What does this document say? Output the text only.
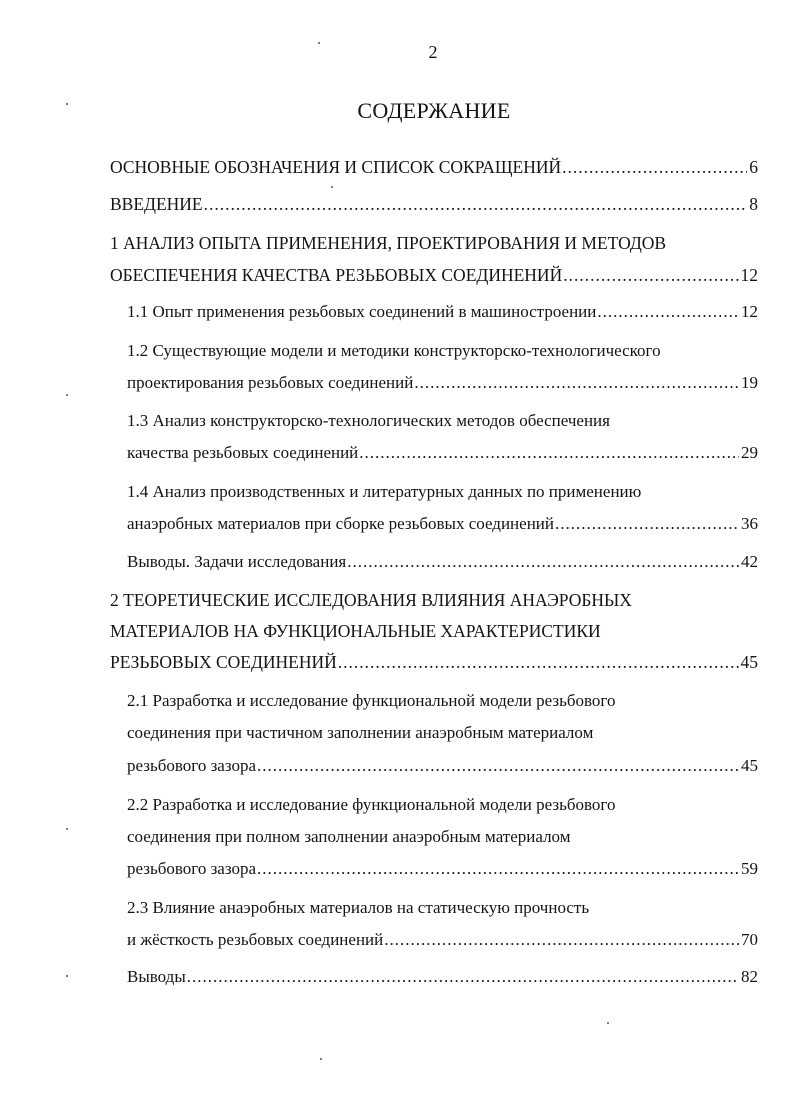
2
СОДЕРЖАНИЕ
ОСНОВНЫЕ ОБОЗНАЧЕНИЯ И СПИСОК СОКРАЩЕНИЙ .....	6
ВВЕДЕНИЕ .....	8
1 АНАЛИЗ ОПЫТА ПРИМЕНЕНИЯ, ПРОЕКТИРОВАНИЯ И МЕТОДОВ
ОБЕСПЕЧЕНИЯ КАЧЕСТВА РЕЗЬБОВЫХ СОЕДИНЕНИЙ .....	12
1.1 Опыт применения резьбовых соединений в машиностроении .....	12
1.2 Существующие модели и методики конструкторско-технологического
проектирования резьбовых соединений .....	19
1.3 Анализ конструкторско-технологических методов обеспечения
качества резьбовых соединений .....	29
1.4 Анализ производственных и литературных данных по применению
анаэробных материалов при сборке резьбовых соединений .....	36
Выводы. Задачи исследования .....	42
2 ТЕОРЕТИЧЕСКИЕ ИССЛЕДОВАНИЯ ВЛИЯНИЯ АНАЭРОБНЫХ
МАТЕРИАЛОВ НА ФУНКЦИОНАЛЬНЫЕ ХАРАКТЕРИСТИКИ
РЕЗЬБОВЫХ СОЕДИНЕНИЙ .....	45
2.1 Разработка и исследование функциональной модели резьбового
соединения при частичном заполнении анаэробным материалом
резьбового зазора .....	45
2.2 Разработка и исследование функциональной модели резьбового
соединения при полном заполнении анаэробным материалом
резьбового зазора .....	59
2.3 Влияние анаэробных материалов на статическую прочность
и жёсткость резьбовых соединений .....	70
Выводы .....	82
